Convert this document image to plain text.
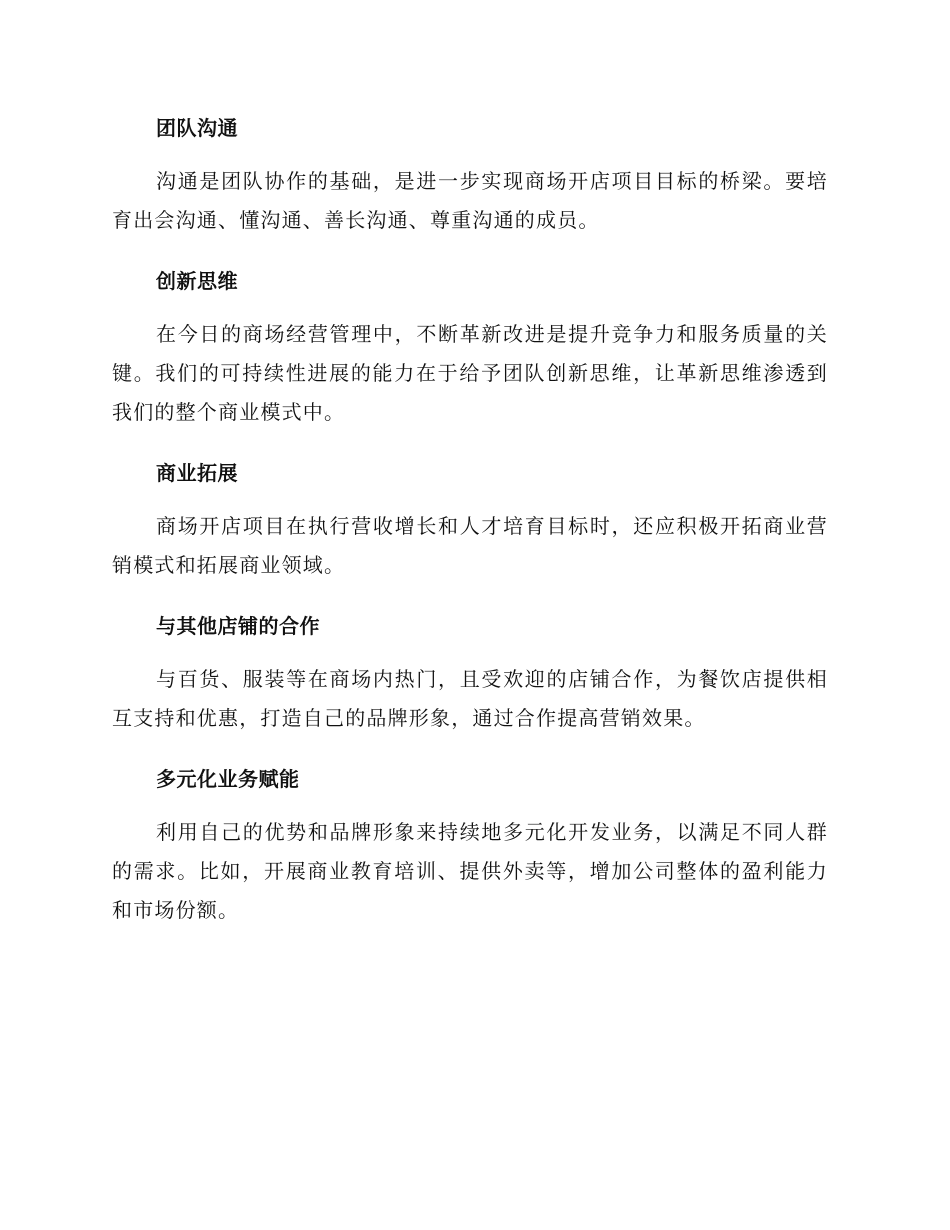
团队沟通

沟通是团队协作的基础，是进一步实现商场开店项目目标的桥梁。要培育出会沟通、懂沟通、善长沟通、尊重沟通的成员。

创新思维

在今日的商场经营管理中，不断革新改进是提升竞争力和服务质量的关键。我们的可持续性进展的能力在于给予团队创新思维，让革新思维渗透到我们的整个商业模式中。

商业拓展

商场开店项目在执行营收增长和人才培育目标时，还应积极开拓商业营销模式和拓展商业领域。

与其他店铺的合作

与百货、服装等在商场内热门，且受欢迎的店铺合作，为餐饮店提供相互支持和优惠，打造自己的品牌形象，通过合作提高营销效果。

多元化业务赋能

利用自己的优势和品牌形象来持续地多元化开发业务，以满足不同人群的需求。比如，开展商业教育培训、提供外卖等，增加公司整体的盈利能力和市场份额。
